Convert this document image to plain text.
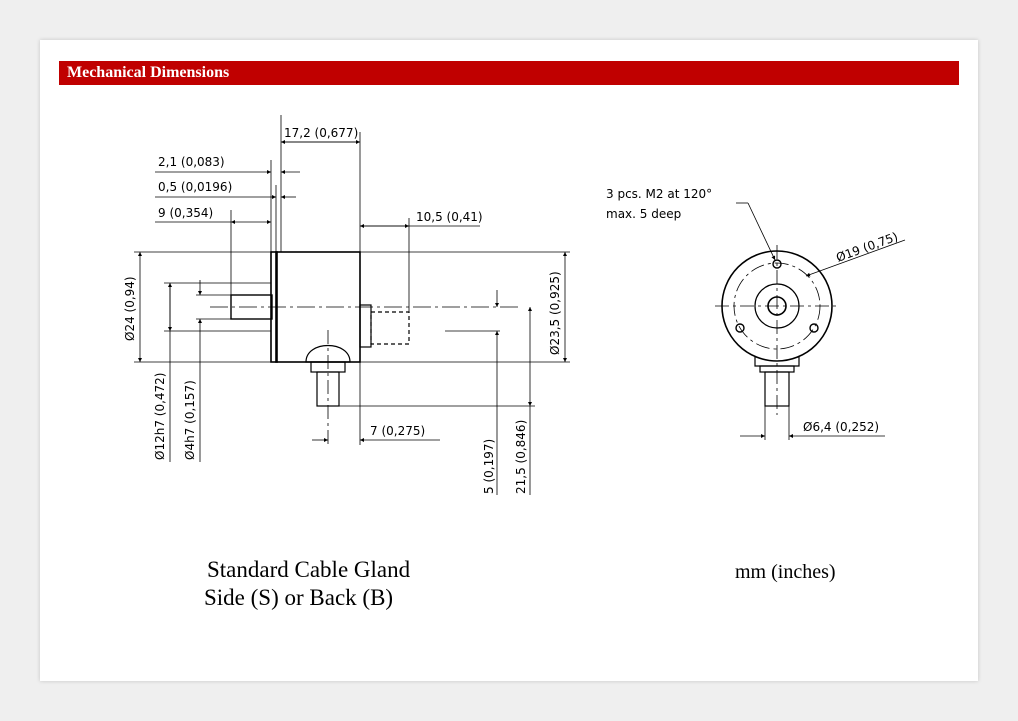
Mechanical Dimensions
17,2 (0,677)
2,1 (0,083)
0,5 (0,0196)
9 (0,354)	10,5 (0,41)
Ø24 (0,94)	Ø23,5 (0,925)
Ø12h7 (0,472) Ø4h7 (0,157)	7 (0,275)
5 (0,197) 21,5 (0,846)
3 pcs. M2 at 120°
max. 5 deep
Ø19 (0,75)
Ø6,4 (0,252)
Standard Cable Gland
Side (S) or Back (B)
mm (inches)
